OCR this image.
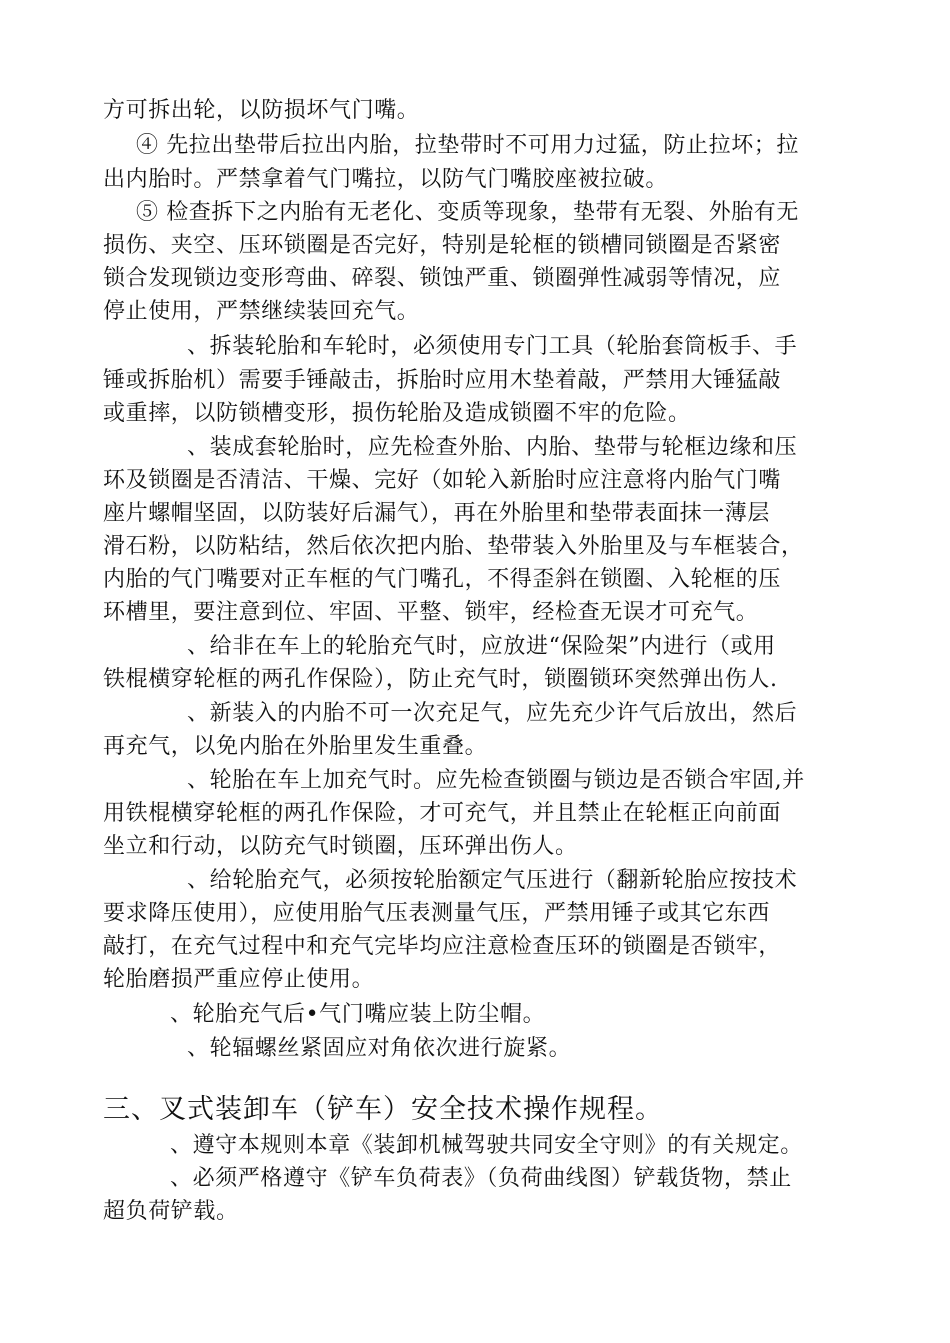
方可拆出轮，以防损坏气门嘴。
④ 先拉出垫带后拉出内胎，拉垫带时不可用力过猛，防止拉坏；拉
出内胎时。严禁拿着气门嘴拉，以防气门嘴胶座被拉破。
⑤ 检查拆下之内胎有无老化、变质等现象，垫带有无裂、外胎有无
损伤、夹空、压环锁圈是否完好，特别是轮框的锁槽同锁圈是否紧密
锁合发现锁边变形弯曲、碎裂、锁蚀严重、锁圈弹性减弱等情况，应
停止使用，严禁继续装回充气。
、拆装轮胎和车轮时，必须使用专门工具（轮胎套筒板手、手
锤或拆胎机）需要手锤敲击，拆胎时应用木垫着敲，严禁用大锤猛敲
或重摔，以防锁槽变形，损伤轮胎及造成锁圈不牢的危险。
、装成套轮胎时，应先检查外胎、内胎、垫带与轮框边缘和压
环及锁圈是否清洁、干燥、完好（如轮入新胎时应注意将内胎气门嘴
座片螺帽坚固，以防装好后漏气），再在外胎里和垫带表面抹一薄层
滑石粉，以防粘结，然后依次把内胎、垫带装入外胎里及与车框装合，
内胎的气门嘴要对正车框的气门嘴孔，不得歪斜在锁圈、入轮框的压
环槽里，要注意到位、牢固、平整、锁牢，经检查无误才可充气。
、给非在车上的轮胎充气时，应放进“保险架”内进行（或用
铁棍横穿轮框的两孔作保险），防止充气时，锁圈锁环突然弹出伤人.
、新装入的内胎不可一次充足气，应先充少许气后放出，然后
再充气，以免内胎在外胎里发生重叠。
、轮胎在车上加充气时。应先检查锁圈与锁边是否锁合牢固,并
用铁棍横穿轮框的两孔作保险，才可充气，并且禁止在轮框正向前面
坐立和行动，以防充气时锁圈，压环弹出伤人。
、给轮胎充气，必须按轮胎额定气压进行（翻新轮胎应按技术
要求降压使用），应使用胎气压表测量气压，严禁用锤子或其它东西
敲打，在充气过程中和充气完毕均应注意检查压环的锁圈是否锁牢，
轮胎磨损严重应停止使用。
、轮胎充气后•气门嘴应装上防尘帽。
、轮辐螺丝紧固应对角依次进行旋紧。
三、叉式装卸车（铲车）安全技术操作规程。
、遵守本规则本章《装卸机械驾驶共同安全守则》的有关规定。
、必须严格遵守《铲车负荷表》（负荷曲线图）铲载货物，禁止
超负荷铲载。
